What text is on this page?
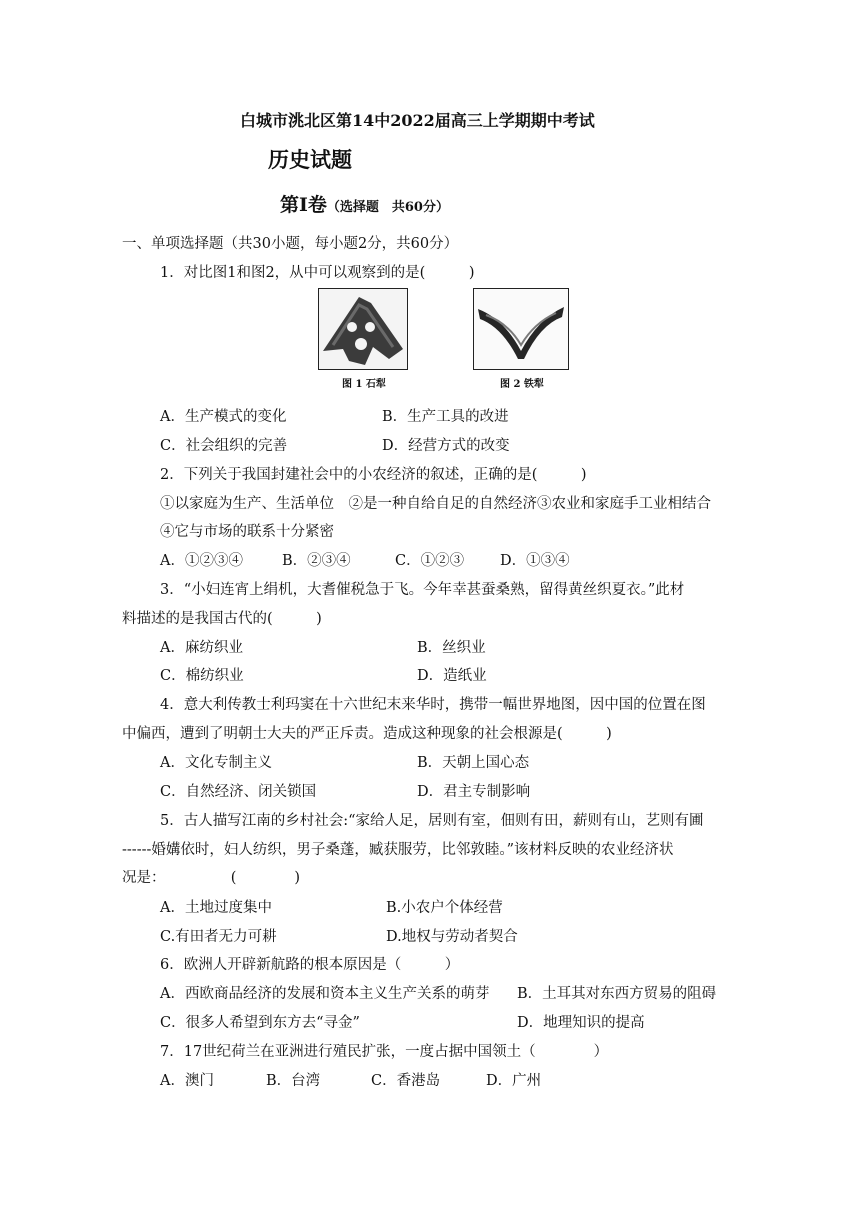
白城市洮北区第14中2022届高三上学期期中考试
历史试题
第Ⅰ卷（选择题　共60分）
一、单项选择题（共30小题，每小题2分，共60分）
1．对比图1和图2，从中可以观察到的是(　　　)
图 1 石犁	图 2 铁犁
A．生产模式的变化	B．生产工具的改进
C．社会组织的完善	D．经营方式的改变
2．下列关于我国封建社会中的小农经济的叙述，正确的是(　　　)
①以家庭为生产、生活单位　②是一种自给自足的自然经济③农业和家庭手工业相结合
④它与市场的联系十分紧密
A．①②③④	B．②③④	C．①②③ D．①③④
3．“小妇连宵上绢机，大耆催税急于飞。今年幸甚蚕桑熟，留得黄丝织夏衣。”此材
料描述的是我国古代的(　　　)
A．麻纺织业	B．丝织业
C．棉纺织业	D．造纸业
4．意大利传教士利玛窦在十六世纪末来华时，携带一幅世界地图，因中国的位置在图
中偏西，遭到了明朝士大夫的严正斥责。造成这种现象的社会根源是(　　　)
A．文化专制主义	B．天朝上国心态
C．自然经济、闭关锁国	D．君主专制影响
5．古人描写江南的乡村社会:“家给人足，居则有室，佃则有田，薪则有山，艺则有圃
------婚媾依时，妇人纺织，男子桑蓬，臧获服劳，比邻敦睦。”该材料反映的农业经济状
况是：　　　　　(　　　　)
A．土地过度集中	B.小农户个体经营
C.有田者无力可耕	D.地权与劳动者契合
6．欧洲人开辟新航路的根本原因是（　　　）
A．西欧商品经济的发展和资本主义生产关系的萌芽 B．土耳其对东西方贸易的阻碍
C．很多人希望到东方去“寻金”	D．地理知识的提高
7．17世纪荷兰在亚洲进行殖民扩张，一度占据中国领土（　　　　）
A．澳门	B．台湾	C．香港岛	D．广州
